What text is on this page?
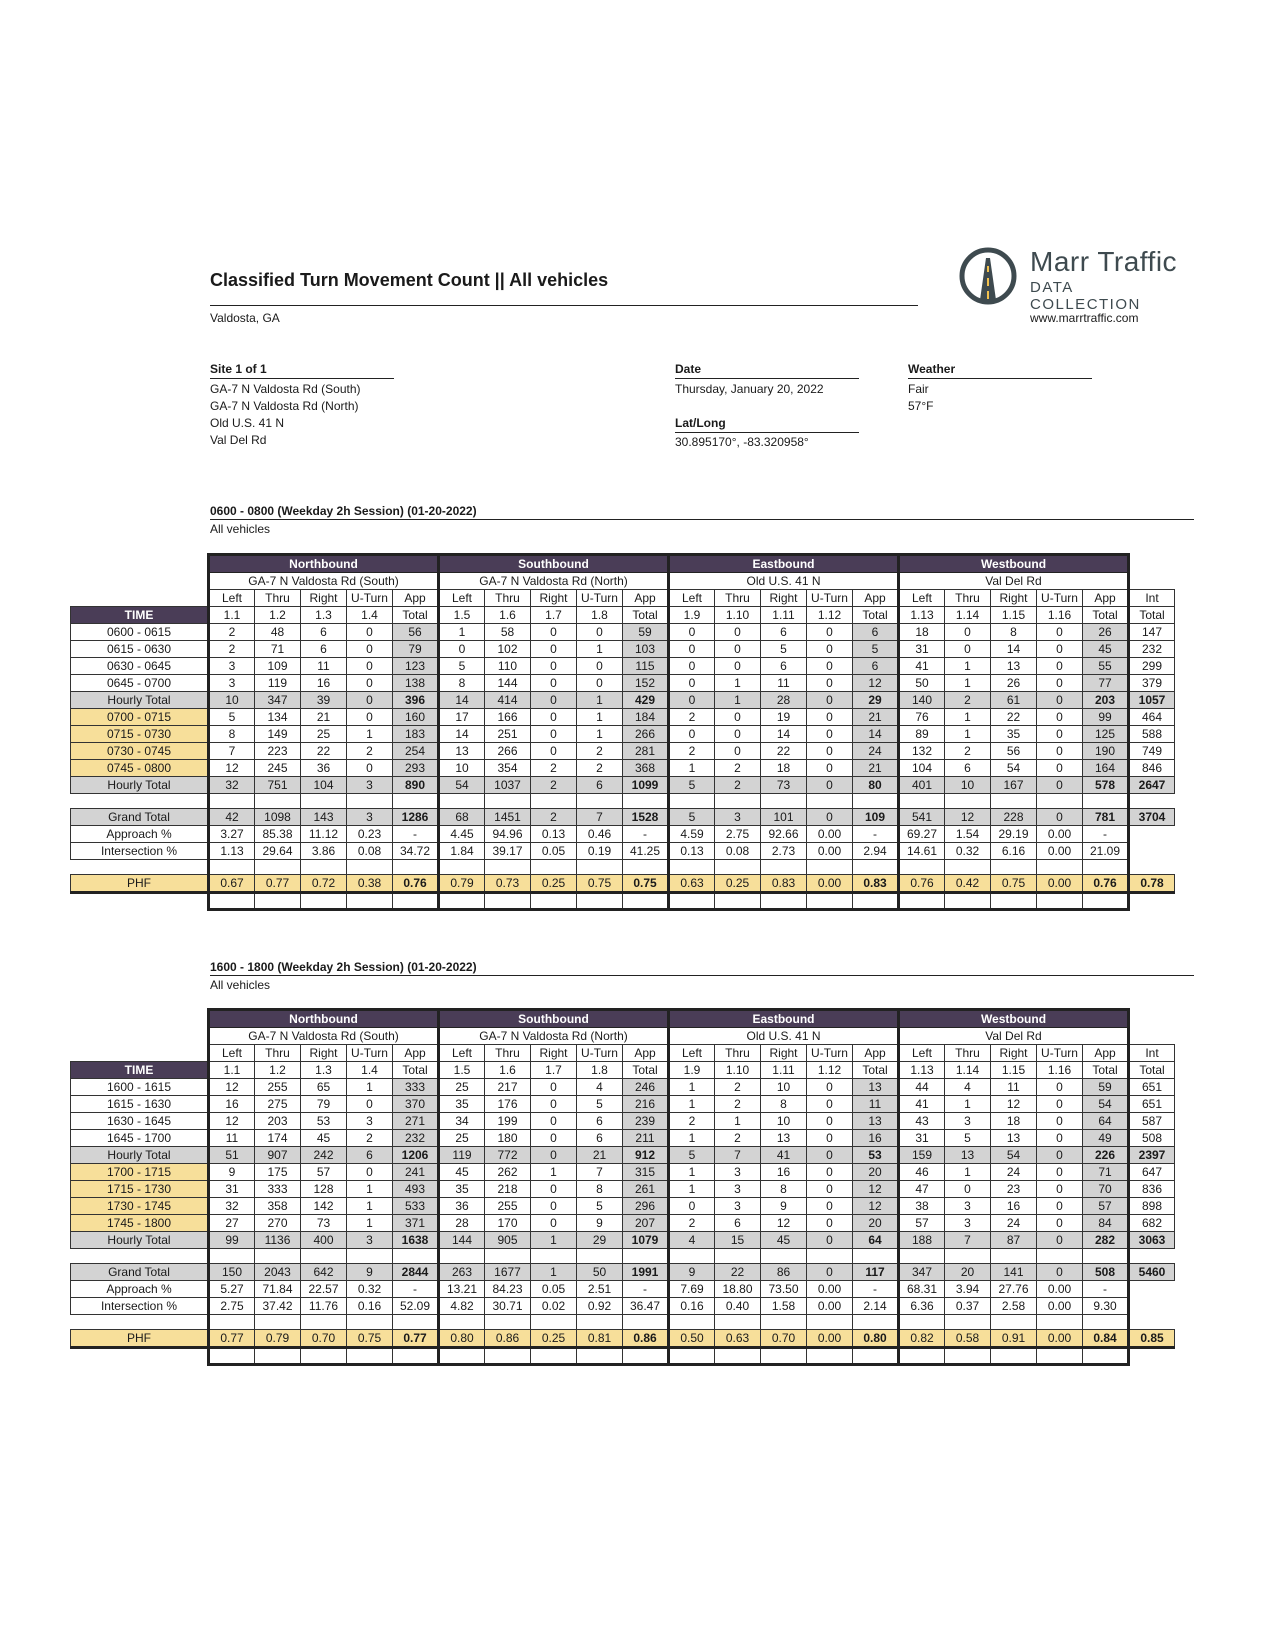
Classified Turn Movement Count || All vehicles
Valdosta, GA
Marr Traffic
DATA COLLECTION
www.marrtraffic.com
Site 1 of 1
GA-7 N Valdosta Rd (South)
GA-7 N Valdosta Rd (North)
Old U.S. 41 N
Val Del Rd
Date
Thursday, January 20, 2022
Lat/Long
30.895170°, -83.320958°
Weather
Fair
57°F
0600 - 0800 (Weekday 2h Session) (01-20-2022)
All vehicles
	Northbound					Southbound					Eastbound					Westbound					
	GA-7 N Valdosta Rd (South)					GA-7 N Valdosta Rd (North)					Old U.S. 41 N					Val Del Rd					
	Left	Thru	Right	U-Turn	App	Left	Thru	Right	U-Turn	App	Left	Thru	Right	U-Turn	App	Left	Thru	Right	U-Turn	App	Int
TIME	1.1	1.2	1.3	1.4	Total	1.5	1.6	1.7	1.8	Total	1.9	1.10	1.11	1.12	Total	1.13	1.14	1.15	1.16	Total	Total
0600 - 0615	2	48	6	0	56	1	58	0	0	59	0	0	6	0	6	18	0	8	0	26	147
0615 - 0630	2	71	6	0	79	0	102	0	1	103	0	0	5	0	5	31	0	14	0	45	232
0630 - 0645	3	109	11	0	123	5	110	0	0	115	0	0	6	0	6	41	1	13	0	55	299
0645 - 0700	3	119	16	0	138	8	144	0	0	152	0	1	11	0	12	50	1	26	0	77	379
Hourly Total	10	347	39	0	396	14	414	0	1	429	0	1	28	0	29	140	2	61	0	203	1057
0700 - 0715	5	134	21	0	160	17	166	0	1	184	2	0	19	0	21	76	1	22	0	99	464
0715 - 0730	8	149	25	1	183	14	251	0	1	266	0	0	14	0	14	89	1	35	0	125	588
0730 - 0745	7	223	22	2	254	13	266	0	2	281	2	0	22	0	24	132	2	56	0	190	749
0745 - 0800	12	245	36	0	293	10	354	2	2	368	1	2	18	0	21	104	6	54	0	164	846
Hourly Total	32	751	104	3	890	54	1037	2	6	1099	5	2	73	0	80	401	10	167	0	578	2647

Grand Total	42	1098	143	3	1286	68	1451	2	7	1528	5	3	101	0	109	541	12	228	0	781	3704
Approach %	3.27	85.38	11.12	0.23	-	4.45	94.96	0.13	0.46	-	4.59	2.75	92.66	0.00	-	69.27	1.54	29.19	0.00	-	
Intersection %	1.13	29.64	3.86	0.08	34.72	1.84	39.17	0.05	0.19	41.25	0.13	0.08	2.73	0.00	2.94	14.61	0.32	6.16	0.00	21.09	

PHF	0.67	0.77	0.72	0.38	0.76	0.79	0.73	0.25	0.75	0.75	0.63	0.25	0.83	0.00	0.83	0.76	0.42	0.75	0.00	0.76	0.78

1600 - 1800 (Weekday 2h Session) (01-20-2022)
All vehicles
	Northbound					Southbound					Eastbound					Westbound					
	GA-7 N Valdosta Rd (South)					GA-7 N Valdosta Rd (North)					Old U.S. 41 N					Val Del Rd					
	Left	Thru	Right	U-Turn	App	Left	Thru	Right	U-Turn	App	Left	Thru	Right	U-Turn	App	Left	Thru	Right	U-Turn	App	Int
TIME	1.1	1.2	1.3	1.4	Total	1.5	1.6	1.7	1.8	Total	1.9	1.10	1.11	1.12	Total	1.13	1.14	1.15	1.16	Total	Total
1600 - 1615	12	255	65	1	333	25	217	0	4	246	1	2	10	0	13	44	4	11	0	59	651
1615 - 1630	16	275	79	0	370	35	176	0	5	216	1	2	8	0	11	41	1	12	0	54	651
1630 - 1645	12	203	53	3	271	34	199	0	6	239	2	1	10	0	13	43	3	18	0	64	587
1645 - 1700	11	174	45	2	232	25	180	0	6	211	1	2	13	0	16	31	5	13	0	49	508
Hourly Total	51	907	242	6	1206	119	772	0	21	912	5	7	41	0	53	159	13	54	0	226	2397
1700 - 1715	9	175	57	0	241	45	262	1	7	315	1	3	16	0	20	46	1	24	0	71	647
1715 - 1730	31	333	128	1	493	35	218	0	8	261	1	3	8	0	12	47	0	23	0	70	836
1730 - 1745	32	358	142	1	533	36	255	0	5	296	0	3	9	0	12	38	3	16	0	57	898
1745 - 1800	27	270	73	1	371	28	170	0	9	207	2	6	12	0	20	57	3	24	0	84	682
Hourly Total	99	1136	400	3	1638	144	905	1	29	1079	4	15	45	0	64	188	7	87	0	282	3063

Grand Total	150	2043	642	9	2844	263	1677	1	50	1991	9	22	86	0	117	347	20	141	0	508	5460
Approach %	5.27	71.84	22.57	0.32	-	13.21	84.23	0.05	2.51	-	7.69	18.80	73.50	0.00	-	68.31	3.94	27.76	0.00	-	
Intersection %	2.75	37.42	11.76	0.16	52.09	4.82	30.71	0.02	0.92	36.47	0.16	0.40	1.58	0.00	2.14	6.36	0.37	2.58	0.00	9.30	

PHF	0.77	0.79	0.70	0.75	0.77	0.80	0.86	0.25	0.81	0.86	0.50	0.63	0.70	0.00	0.80	0.82	0.58	0.91	0.00	0.84	0.85
